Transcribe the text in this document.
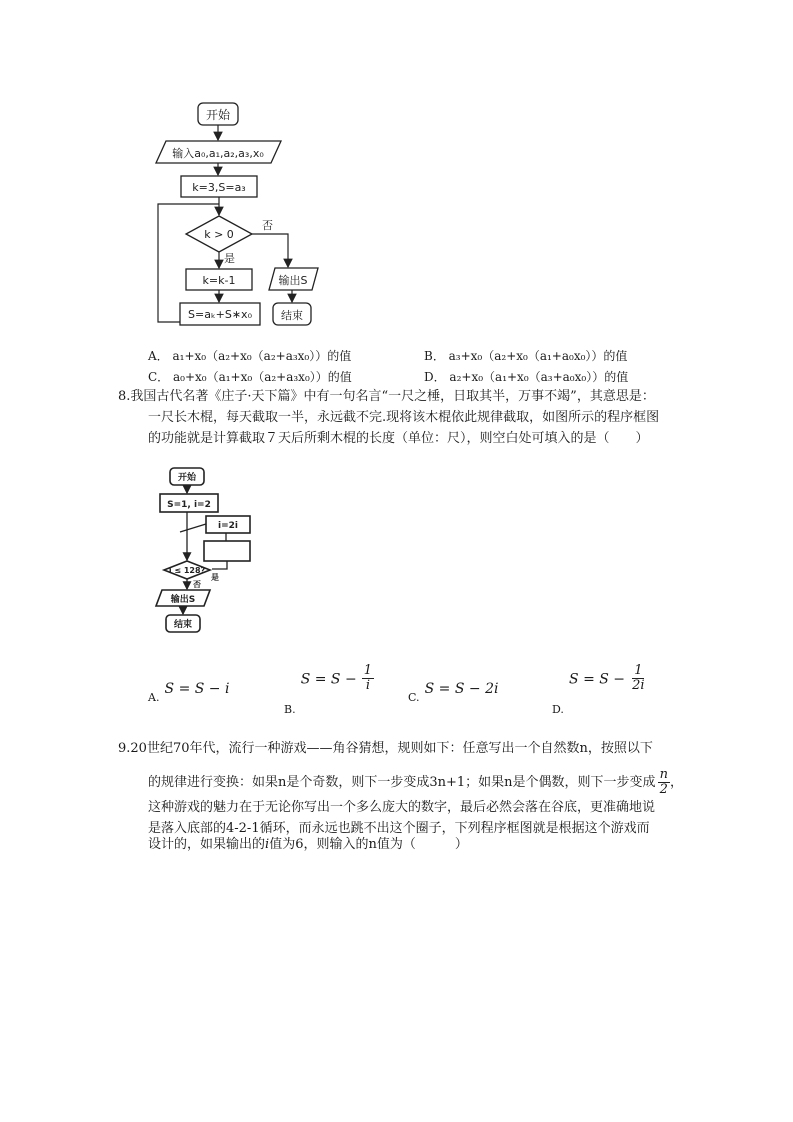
开始
输入a₀,a₁,a₂,a₃,x₀
k=3,S=a₃
k > 0
否
是
k=k-1
S=aₖ+S∗x₀
输出S
结束
A． a₁+x₀（a₂+x₀（a₂+a₃x₀））的值	B． a₃+x₀（a₂+x₀（a₁+a₀x₀））的值
C． a₀+x₀（a₁+x₀（a₂+a₃x₀））的值	D． a₂+x₀（a₁+x₀（a₃+a₀x₀））的值
8.我国古代名著《庄子·天下篇》中有一句名言“一尺之棰，日取其半，万事不竭”，其意思是：
一尺长木棍，每天截取一半，永远截不完.现将该木棍依此规律截取，如图所示的程序框图
的功能就是计算截取７天后所剩木棍的长度（单位：尺），则空白处可填入的是（　　）
开始
S=1, i=2
i=2i
i ≤ 128?
是
否
输出S
结束
A. S = S − i
$_{B.}$ $S = S - \frac{1}{i}$
C. S = S − 2i
$_{D.}$ $S = S - \frac{1}{2i}$
9.20世纪70年代，流行一种游戏——角谷猜想，规则如下：任意写出一个自然数n，按照以下
的规律进行变换：如果n是个奇数，则下一步变成3n+1；如果n是个偶数，则下一步变成 $\frac{n}{2}$ ，
这种游戏的魅力在于无论你写出一个多么庞大的数字，最后必然会落在谷底，更准确地说
是落入底部的4-2-1循环，而永远也跳不出这个圈子，下列程序框图就是根据这个游戏而
设计的，如果输出的i值为6，则输入的n值为（　　　）
